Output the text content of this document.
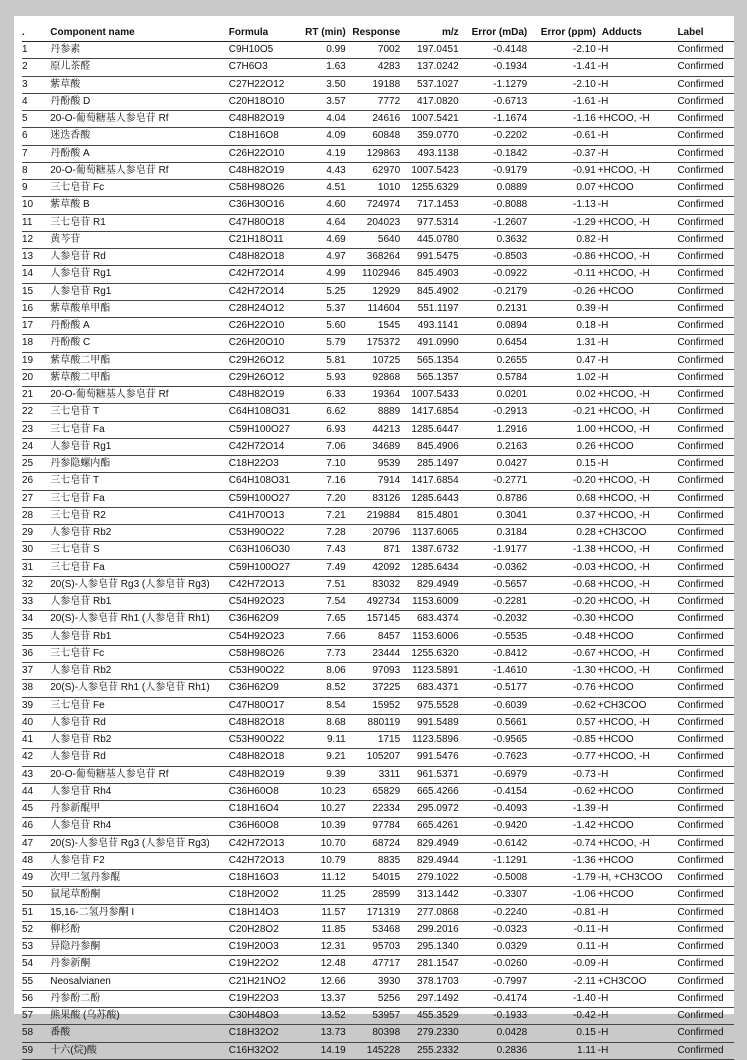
.	Component name	Formula	RT (min)	Response	m/z	Error (mDa)	Error (ppm)	Adducts	Label
1	丹参素	C9H10O5	0.99	7002	197.0451	-0.4148	-2.10	-H	Confirmed
2	原儿茶醛	C7H6O3	1.63	4283	137.0242	-0.1934	-1.41	-H	Confirmed
3	紫草酸	C27H22O12	3.50	19188	537.1027	-1.1279	-2.10	-H	Confirmed
4	丹酚酸 D	C20H18O10	3.57	7772	417.0820	-0.6713	-1.61	-H	Confirmed
5	20-O-葡萄糖基人参皂苷 Rf	C48H82O19	4.04	24616	1007.5421	-1.1674	-1.16	+HCOO, -H	Confirmed
6	迷迭香酸	C18H16O8	4.09	60848	359.0770	-0.2202	-0.61	-H	Confirmed
7	丹酚酸 A	C26H22O10	4.19	129863	493.1138	-0.1842	-0.37	-H	Confirmed
8	20-O-葡萄糖基人参皂苷 Rf	C48H82O19	4.43	62970	1007.5423	-0.9179	-0.91	+HCOO, -H	Confirmed
9	三七皂苷 Fc	C58H98O26	4.51	1010	1255.6329	0.0889	0.07	+HCOO	Confirmed
10	紫草酸 B	C36H30O16	4.60	724974	717.1453	-0.8088	-1.13	-H	Confirmed
11	三七皂苷 R1	C47H80O18	4.64	204023	977.5314	-1.2607	-1.29	+HCOO, -H	Confirmed
12	黄芩苷	C21H18O11	4.69	5640	445.0780	0.3632	0.82	-H	Confirmed
13	人参皂苷 Rd	C48H82O18	4.97	368264	991.5475	-0.8503	-0.86	+HCOO, -H	Confirmed
14	人参皂苷 Rg1	C42H72O14	4.99	1102946	845.4903	-0.0922	-0.11	+HCOO, -H	Confirmed
15	人参皂苷 Rg1	C42H72O14	5.25	12929	845.4902	-0.2179	-0.26	+HCOO	Confirmed
16	紫草酸单甲酯	C28H24O12	5.37	114604	551.1197	0.2131	0.39	-H	Confirmed
17	丹酚酸 A	C26H22O10	5.60	1545	493.1141	0.0894	0.18	-H	Confirmed
18	丹酚酸 C	C26H20O10	5.79	175372	491.0990	0.6454	1.31	-H	Confirmed
19	紫草酸二甲酯	C29H26O12	5.81	10725	565.1354	0.2655	0.47	-H	Confirmed
20	紫草酸二甲酯	C29H26O12	5.93	92868	565.1357	0.5784	1.02	-H	Confirmed
21	20-O-葡萄糖基人参皂苷 Rf	C48H82O19	6.33	19364	1007.5433	0.0201	0.02	+HCOO, -H	Confirmed
22	三七皂苷 T	C64H108O31	6.62	8889	1417.6854	-0.2913	-0.21	+HCOO, -H	Confirmed
23	三七皂苷 Fa	C59H100O27	6.93	44213	1285.6447	1.2916	1.00	+HCOO, -H	Confirmed
24	人参皂苷 Rg1	C42H72O14	7.06	34689	845.4906	0.2163	0.26	+HCOO	Confirmed
25	丹参隐螺内酯	C18H22O3	7.10	9539	285.1497	0.0427	0.15	-H	Confirmed
26	三七皂苷 T	C64H108O31	7.16	7914	1417.6854	-0.2771	-0.20	+HCOO, -H	Confirmed
27	三七皂苷 Fa	C59H100O27	7.20	83126	1285.6443	0.8786	0.68	+HCOO, -H	Confirmed
28	三七皂苷 R2	C41H70O13	7.21	219884	815.4801	0.3041	0.37	+HCOO, -H	Confirmed
29	人参皂苷 Rb2	C53H90O22	7.28	20796	1137.6065	0.3184	0.28	+CH3COO	Confirmed
30	三七皂苷 S	C63H106O30	7.43	871	1387.6732	-1.9177	-1.38	+HCOO, -H	Confirmed
31	三七皂苷 Fa	C59H100O27	7.49	42092	1285.6434	-0.0362	-0.03	+HCOO, -H	Confirmed
32	20(S)-人参皂苷 Rg3 (人参皂苷 Rg3)	C42H72O13	7.51	83032	829.4949	-0.5657	-0.68	+HCOO, -H	Confirmed
33	人参皂苷 Rb1	C54H92O23	7.54	492734	1153.6009	-0.2281	-0.20	+HCOO, -H	Confirmed
34	20(S)-人参皂苷 Rh1 (人参皂苷 Rh1)	C36H62O9	7.65	157145	683.4374	-0.2032	-0.30	+HCOO	Confirmed
35	人参皂苷 Rb1	C54H92O23	7.66	8457	1153.6006	-0.5535	-0.48	+HCOO	Confirmed
36	三七皂苷 Fc	C58H98O26	7.73	23444	1255.6320	-0.8412	-0.67	+HCOO, -H	Confirmed
37	人参皂苷 Rb2	C53H90O22	8.06	97093	1123.5891	-1.4610	-1.30	+HCOO, -H	Confirmed
38	20(S)-人参皂苷 Rh1 (人参皂苷 Rh1)	C36H62O9	8.52	37225	683.4371	-0.5177	-0.76	+HCOO	Confirmed
39	三七皂苷 Fe	C47H80O17	8.54	15952	975.5528	-0.6039	-0.62	+CH3COO	Confirmed
40	人参皂苷 Rd	C48H82O18	8.68	880119	991.5489	0.5661	0.57	+HCOO, -H	Confirmed
41	人参皂苷 Rb2	C53H90O22	9.11	1715	1123.5896	-0.9565	-0.85	+HCOO	Confirmed
42	人参皂苷 Rd	C48H82O18	9.21	105207	991.5476	-0.7623	-0.77	+HCOO, -H	Confirmed
43	20-O-葡萄糖基人参皂苷 Rf	C48H82O19	9.39	3311	961.5371	-0.6979	-0.73	-H	Confirmed
44	人参皂苷 Rh4	C36H60O8	10.23	65829	665.4266	-0.4154	-0.62	+HCOO	Confirmed
45	丹参新醌甲	C18H16O4	10.27	22334	295.0972	-0.4093	-1.39	-H	Confirmed
46	人参皂苷 Rh4	C36H60O8	10.39	97784	665.4261	-0.9420	-1.42	+HCOO	Confirmed
47	20(S)-人参皂苷 Rg3 (人参皂苷 Rg3)	C42H72O13	10.70	68724	829.4949	-0.6142	-0.74	+HCOO, -H	Confirmed
48	人参皂苷 F2	C42H72O13	10.79	8835	829.4944	-1.1291	-1.36	+HCOO	Confirmed
49	次甲二氢丹参醌	C18H16O3	11.12	54015	279.1022	-0.5008	-1.79	-H, +CH3COO	Confirmed
50	鼠尾草酚酮	C18H20O2	11.25	28599	313.1442	-0.3307	-1.06	+HCOO	Confirmed
51	15,16-二氢丹参酮 I	C18H14O3	11.57	171319	277.0868	-0.2240	-0.81	-H	Confirmed
52	柳杉酚	C20H28O2	11.85	53468	299.2016	-0.0323	-0.11	-H	Confirmed
53	异隐丹参酮	C19H20O3	12.31	95703	295.1340	0.0329	0.11	-H	Confirmed
54	丹参新酮	C19H22O2	12.48	47717	281.1547	-0.0260	-0.09	-H	Confirmed
55	Neosalvianen	C21H21NO2	12.66	3930	378.1703	-0.7997	-2.11	+CH3COO	Confirmed
56	丹参酚二酚	C19H22O3	13.37	5256	297.1492	-0.4174	-1.40	-H	Confirmed
57	熊果酸 (乌苏酸)	C30H48O3	13.52	53957	455.3529	-0.1933	-0.42	-H	Confirmed
58	番酸	C18H32O2	13.73	80398	279.2330	0.0428	0.15	-H	Confirmed
59	十六(烷)酸	C16H32O2	14.19	145228	255.2332	0.2836	1.11	-H	Confirmed
